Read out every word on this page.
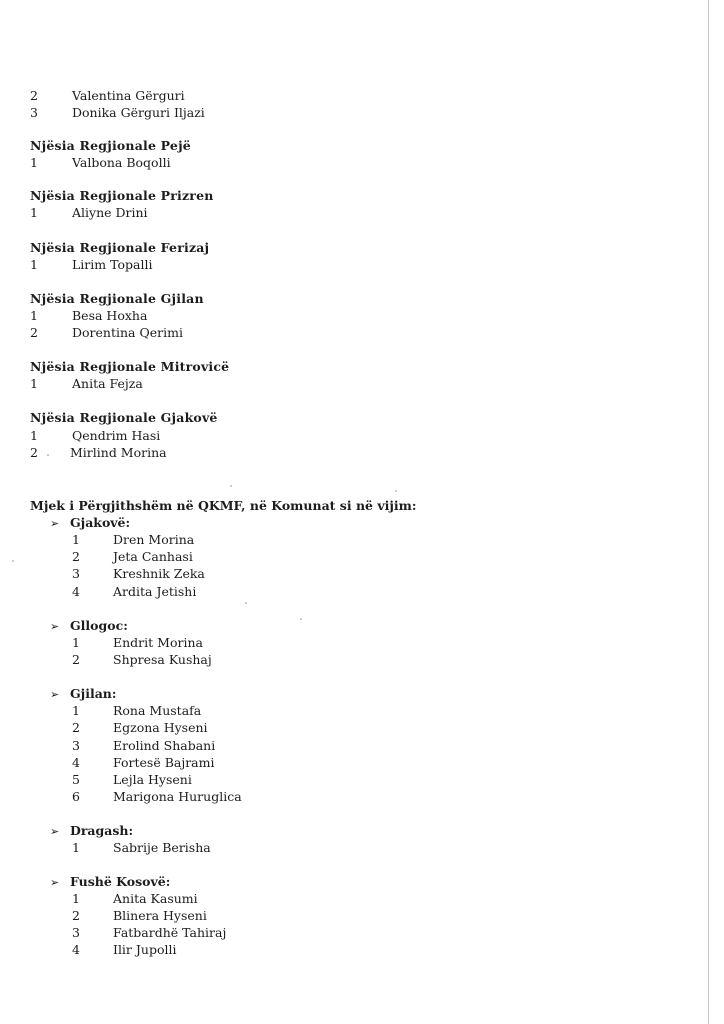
2	Valentina Gërguri
3	Donika Gërguri Iljazi
Njësia Regjionale Pejë
1	Valbona Boqolli
Njësia Regjionale Prizren
1	Aliyne Drini
Njësia Regjionale Ferizaj
1	Lirim Topalli
Njësia Regjionale Gjilan
1	Besa Hoxha
2	Dorentina Qerimi
Njësia Regjionale Mitrovicë
1	Anita Fejza
Njësia Regjionale Gjakovë
1	Qendrim Hasi
2	Mirlind Morina
Mjek i Përgjithshëm në QKMF, në Komunat si në vijim:
➢ Gjakovë:
1	Dren Morina
2	Jeta Canhasi
3	Kreshnik Zeka
4	Ardita Jetishi
➢ Gllogoc:
1	Endrit Morina
2	Shpresa Kushaj
➢ Gjilan:
1	Rona Mustafa
2	Egzona Hyseni
3	Erolind Shabani
4	Fortesë Bajrami
5	Lejla Hyseni
6	Marigona Huruglica
➢ Dragash:
1	Sabrije Berisha
➢ Fushë Kosovë:
1	Anita Kasumi
2	Blinera Hyseni
3	Fatbardhë Tahiraj
4	Ilir Jupolli
